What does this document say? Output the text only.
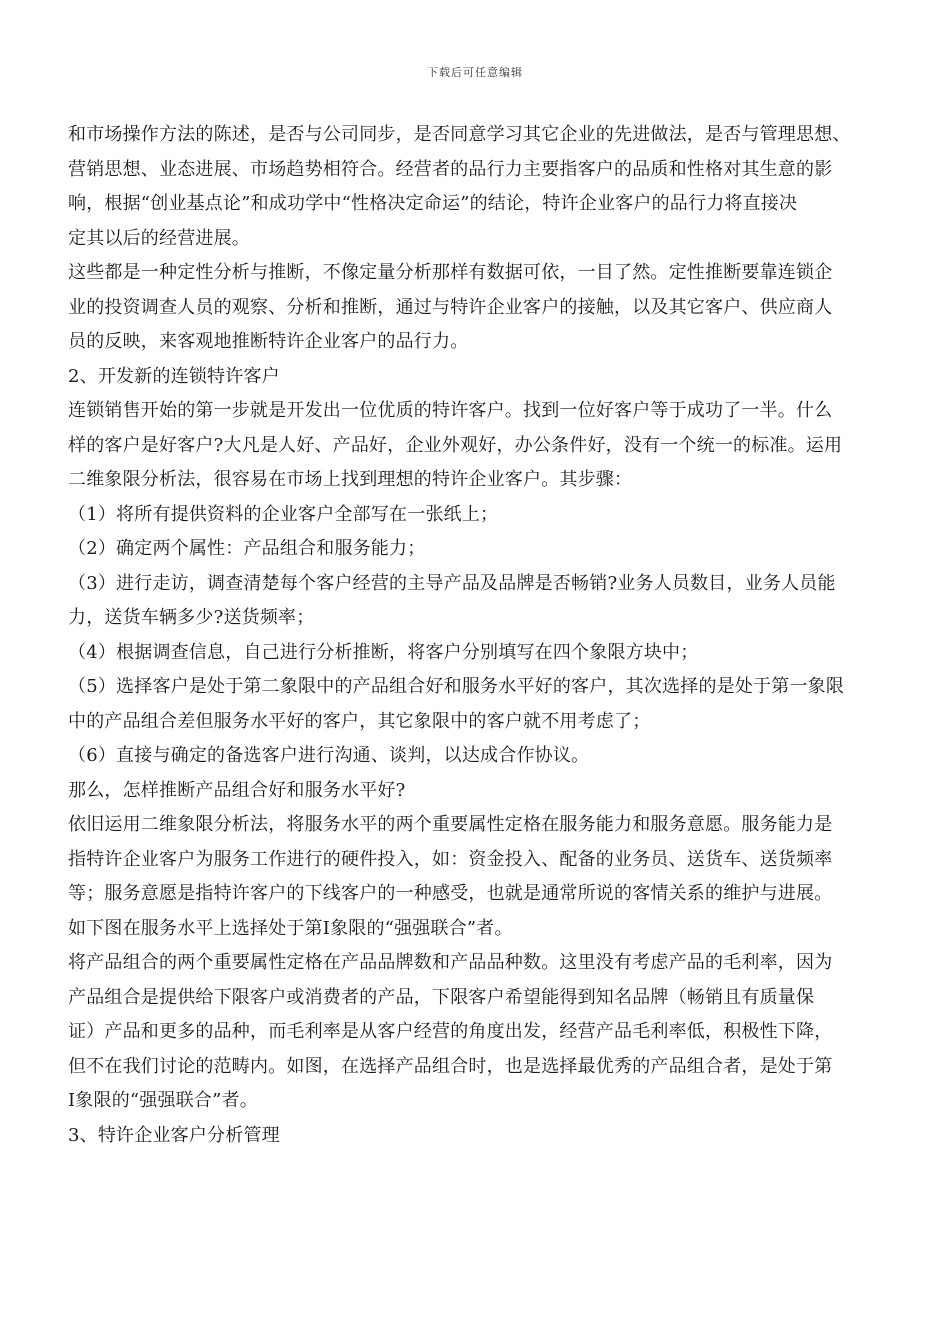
下载后可任意编辑
和市场操作方法的陈述，是否与公司同步，是否同意学习其它企业的先进做法，是否与管理思想、
营销思想、业态进展、市场趋势相符合。经营者的品行力主要指客户的品质和性格对其生意的影
响，根据“创业基点论”和成功学中“性格决定命运”的结论，特许企业客户的品行力将直接决
定其以后的经营进展。
这些都是一种定性分析与推断，不像定量分析那样有数据可依，一目了然。定性推断要靠连锁企
业的投资调查人员的观察、分析和推断，通过与特许企业客户的接触，以及其它客户、供应商人
员的反映，来客观地推断特许企业客户的品行力。
2、开发新的连锁特许客户
连锁销售开始的第一步就是开发出一位优质的特许客户。找到一位好客户等于成功了一半。什么
样的客户是好客户?大凡是人好、产品好，企业外观好，办公条件好，没有一个统一的标准。运用
二维象限分析法，很容易在市场上找到理想的特许企业客户。其步骤：
（1）将所有提供资料的企业客户全部写在一张纸上；
（2）确定两个属性：产品组合和服务能力；
（3）进行走访，调查清楚每个客户经营的主导产品及品牌是否畅销?业务人员数目，业务人员能
力，送货车辆多少?送货频率；
（4）根据调查信息，自己进行分析推断，将客户分别填写在四个象限方块中；
（5）选择客户是处于第二象限中的产品组合好和服务水平好的客户，其次选择的是处于第一象限
中的产品组合差但服务水平好的客户，其它象限中的客户就不用考虑了；
（6）直接与确定的备选客户进行沟通、谈判，以达成合作协议。
那么，怎样推断产品组合好和服务水平好?
依旧运用二维象限分析法，将服务水平的两个重要属性定格在服务能力和服务意愿。服务能力是
指特许企业客户为服务工作进行的硬件投入，如：资金投入、配备的业务员、送货车、送货频率
等；服务意愿是指特许客户的下线客户的一种感受，也就是通常所说的客情关系的维护与进展。
如下图在服务水平上选择处于第Ⅰ象限的“强强联合”者。
将产品组合的两个重要属性定格在产品品牌数和产品品种数。这里没有考虑产品的毛利率，因为
产品组合是提供给下限客户或消费者的产品，下限客户希望能得到知名品牌（畅销且有质量保
证）产品和更多的品种，而毛利率是从客户经营的角度出发，经营产品毛利率低，积极性下降，
但不在我们讨论的范畴内。如图，在选择产品组合时，也是选择最优秀的产品组合者，是处于第
Ⅰ象限的“强强联合”者。
3、特许企业客户分析管理
